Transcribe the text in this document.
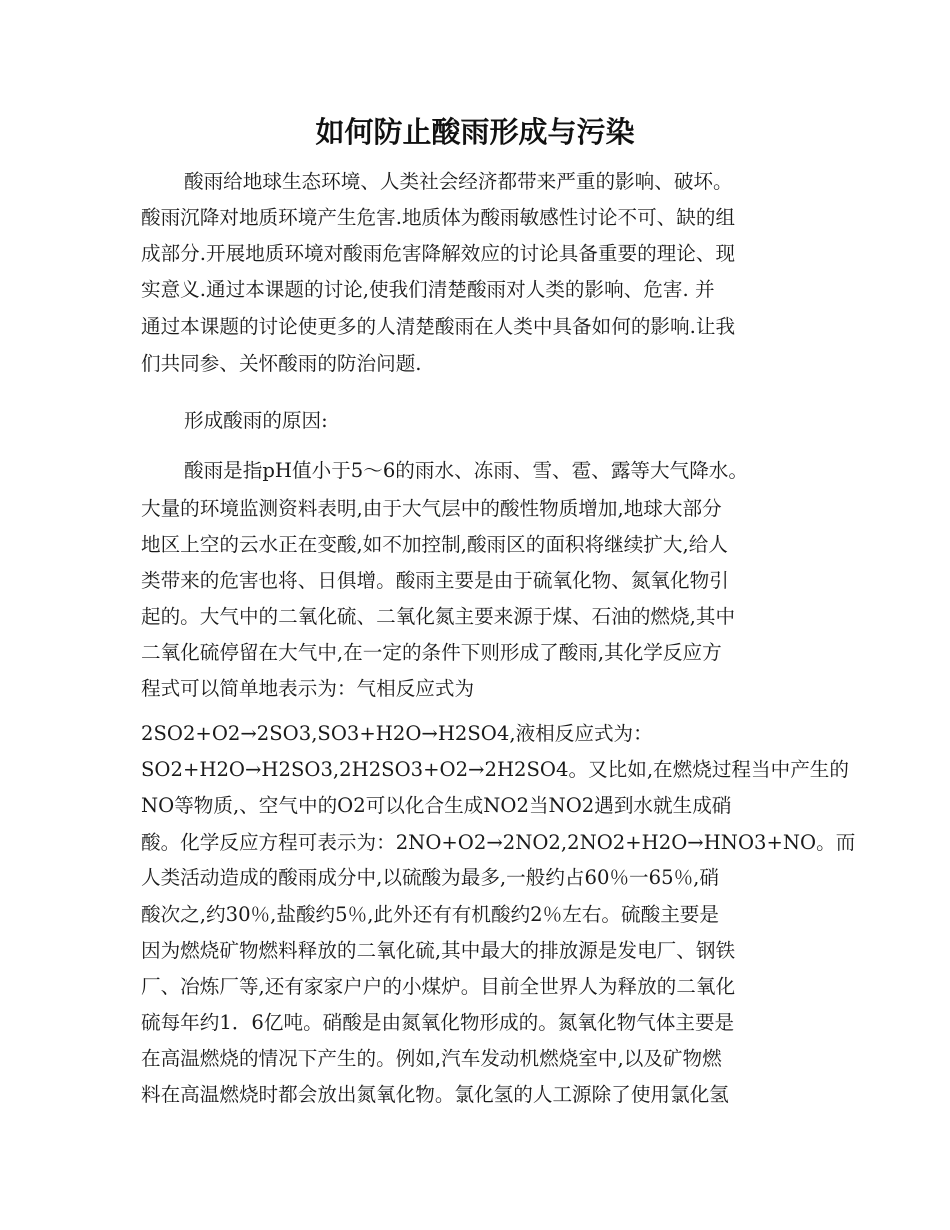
如何防止酸雨形成与污染

酸雨给地球生态环境、人类社会经济都带来严重的影响、破坏。

酸雨沉降对地质环境产生危害.地质体为酸雨敏感性讨论不可、缺的组

成部分.开展地质环境对酸雨危害降解效应的讨论具备重要的理论、现

实意义.通过本课题的讨论,使我们清楚酸雨对人类的影响、危害. 并

通过本课题的讨论使更多的人清楚酸雨在人类中具备如何的影响.让我

们共同参、关怀酸雨的防治问题.

形成酸雨的原因:

酸雨是指pH值小于5～6的雨水、冻雨、雪、雹、露等大气降水。

大量的环境监测资料表明,由于大气层中的酸性物质增加,地球大部分

地区上空的云水正在变酸,如不加控制,酸雨区的面积将继续扩大,给人

类带来的危害也将、日俱增。酸雨主要是由于硫氧化物、氮氧化物引

起的。大气中的二氧化硫、二氧化氮主要来源于煤、石油的燃烧,其中

二氧化硫停留在大气中,在一定的条件下则形成了酸雨,其化学反应方

程式可以简单地表示为：气相反应式为

2SO2+O2→2SO3,SO3+H2O→H2SO4,液相反应式为：

SO2+H2O→H2SO3,2H2SO3+O2→2H2SO4。又比如,在燃烧过程当中产生的

NO等物质,、空气中的O2可以化合生成NO2当NO2遇到水就生成硝

酸。化学反应方程可表示为：2NO+O2→2NO2,2NO2+H2O→HNO3+NO。而

人类活动造成的酸雨成分中,以硫酸为最多,一般约占60％一65％,硝

酸次之,约30％,盐酸约5％,此外还有有机酸约2％左右。硫酸主要是

因为燃烧矿物燃料释放的二氧化硫,其中最大的排放源是发电厂、钢铁

厂、冶炼厂等,还有家家户户的小煤炉。目前全世界人为释放的二氧化

硫每年约1．6亿吨。硝酸是由氮氧化物形成的。氮氧化物气体主要是

在高温燃烧的情况下产生的。例如,汽车发动机燃烧室中,以及矿物燃

料在高温燃烧时都会放出氮氧化物。氯化氢的人工源除了使用氯化氢
